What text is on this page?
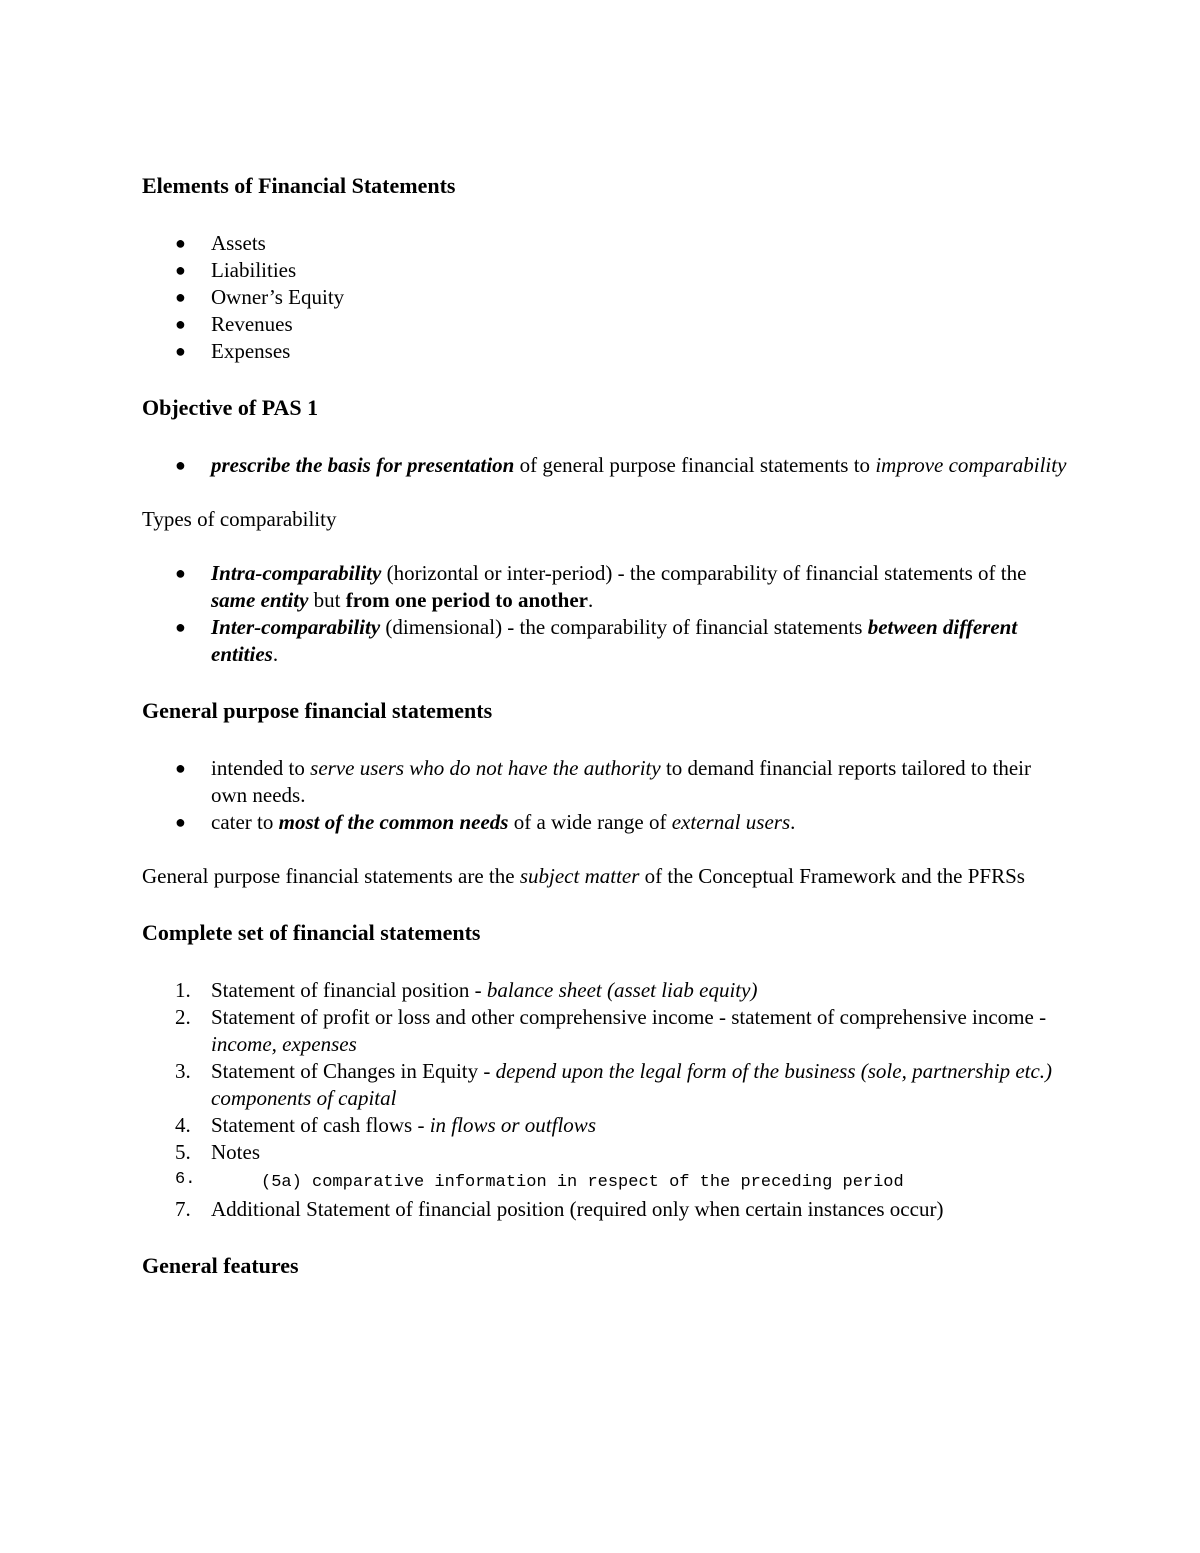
Elements of Financial Statements
● Assets
● Liabilities
● Owner’s Equity
● Revenues
● Expenses
Objective of PAS 1
● prescribe the basis for presentation of general purpose financial statements to improve comparability

Types of comparability

● Intra-comparability (horizontal or inter-period) - the comparability of financial statements of the same entity but from one period to another.
● Inter-comparability (dimensional) - the comparability of financial statements between different entities.
General purpose financial statements
● intended to serve users who do not have the authority to demand financial reports tailored to their own needs.
● cater to most of the common needs of a wide range of external users.

General purpose financial statements are the subject matter of the Conceptual Framework and the PFRSs

Complete set of financial statements
1. Statement of financial position - balance sheet (asset liab equity)
2. Statement of profit or loss and other comprehensive income - statement of comprehensive income - income, expenses
3. Statement of Changes in Equity - depend upon the legal form of the business (sole, partnership etc.) components of capital
4. Statement of cash flows - in flows or outflows
5. Notes
6.	(5a) comparative information in respect of the preceding period
7. Additional Statement of financial position (required only when certain instances occur)
General features
